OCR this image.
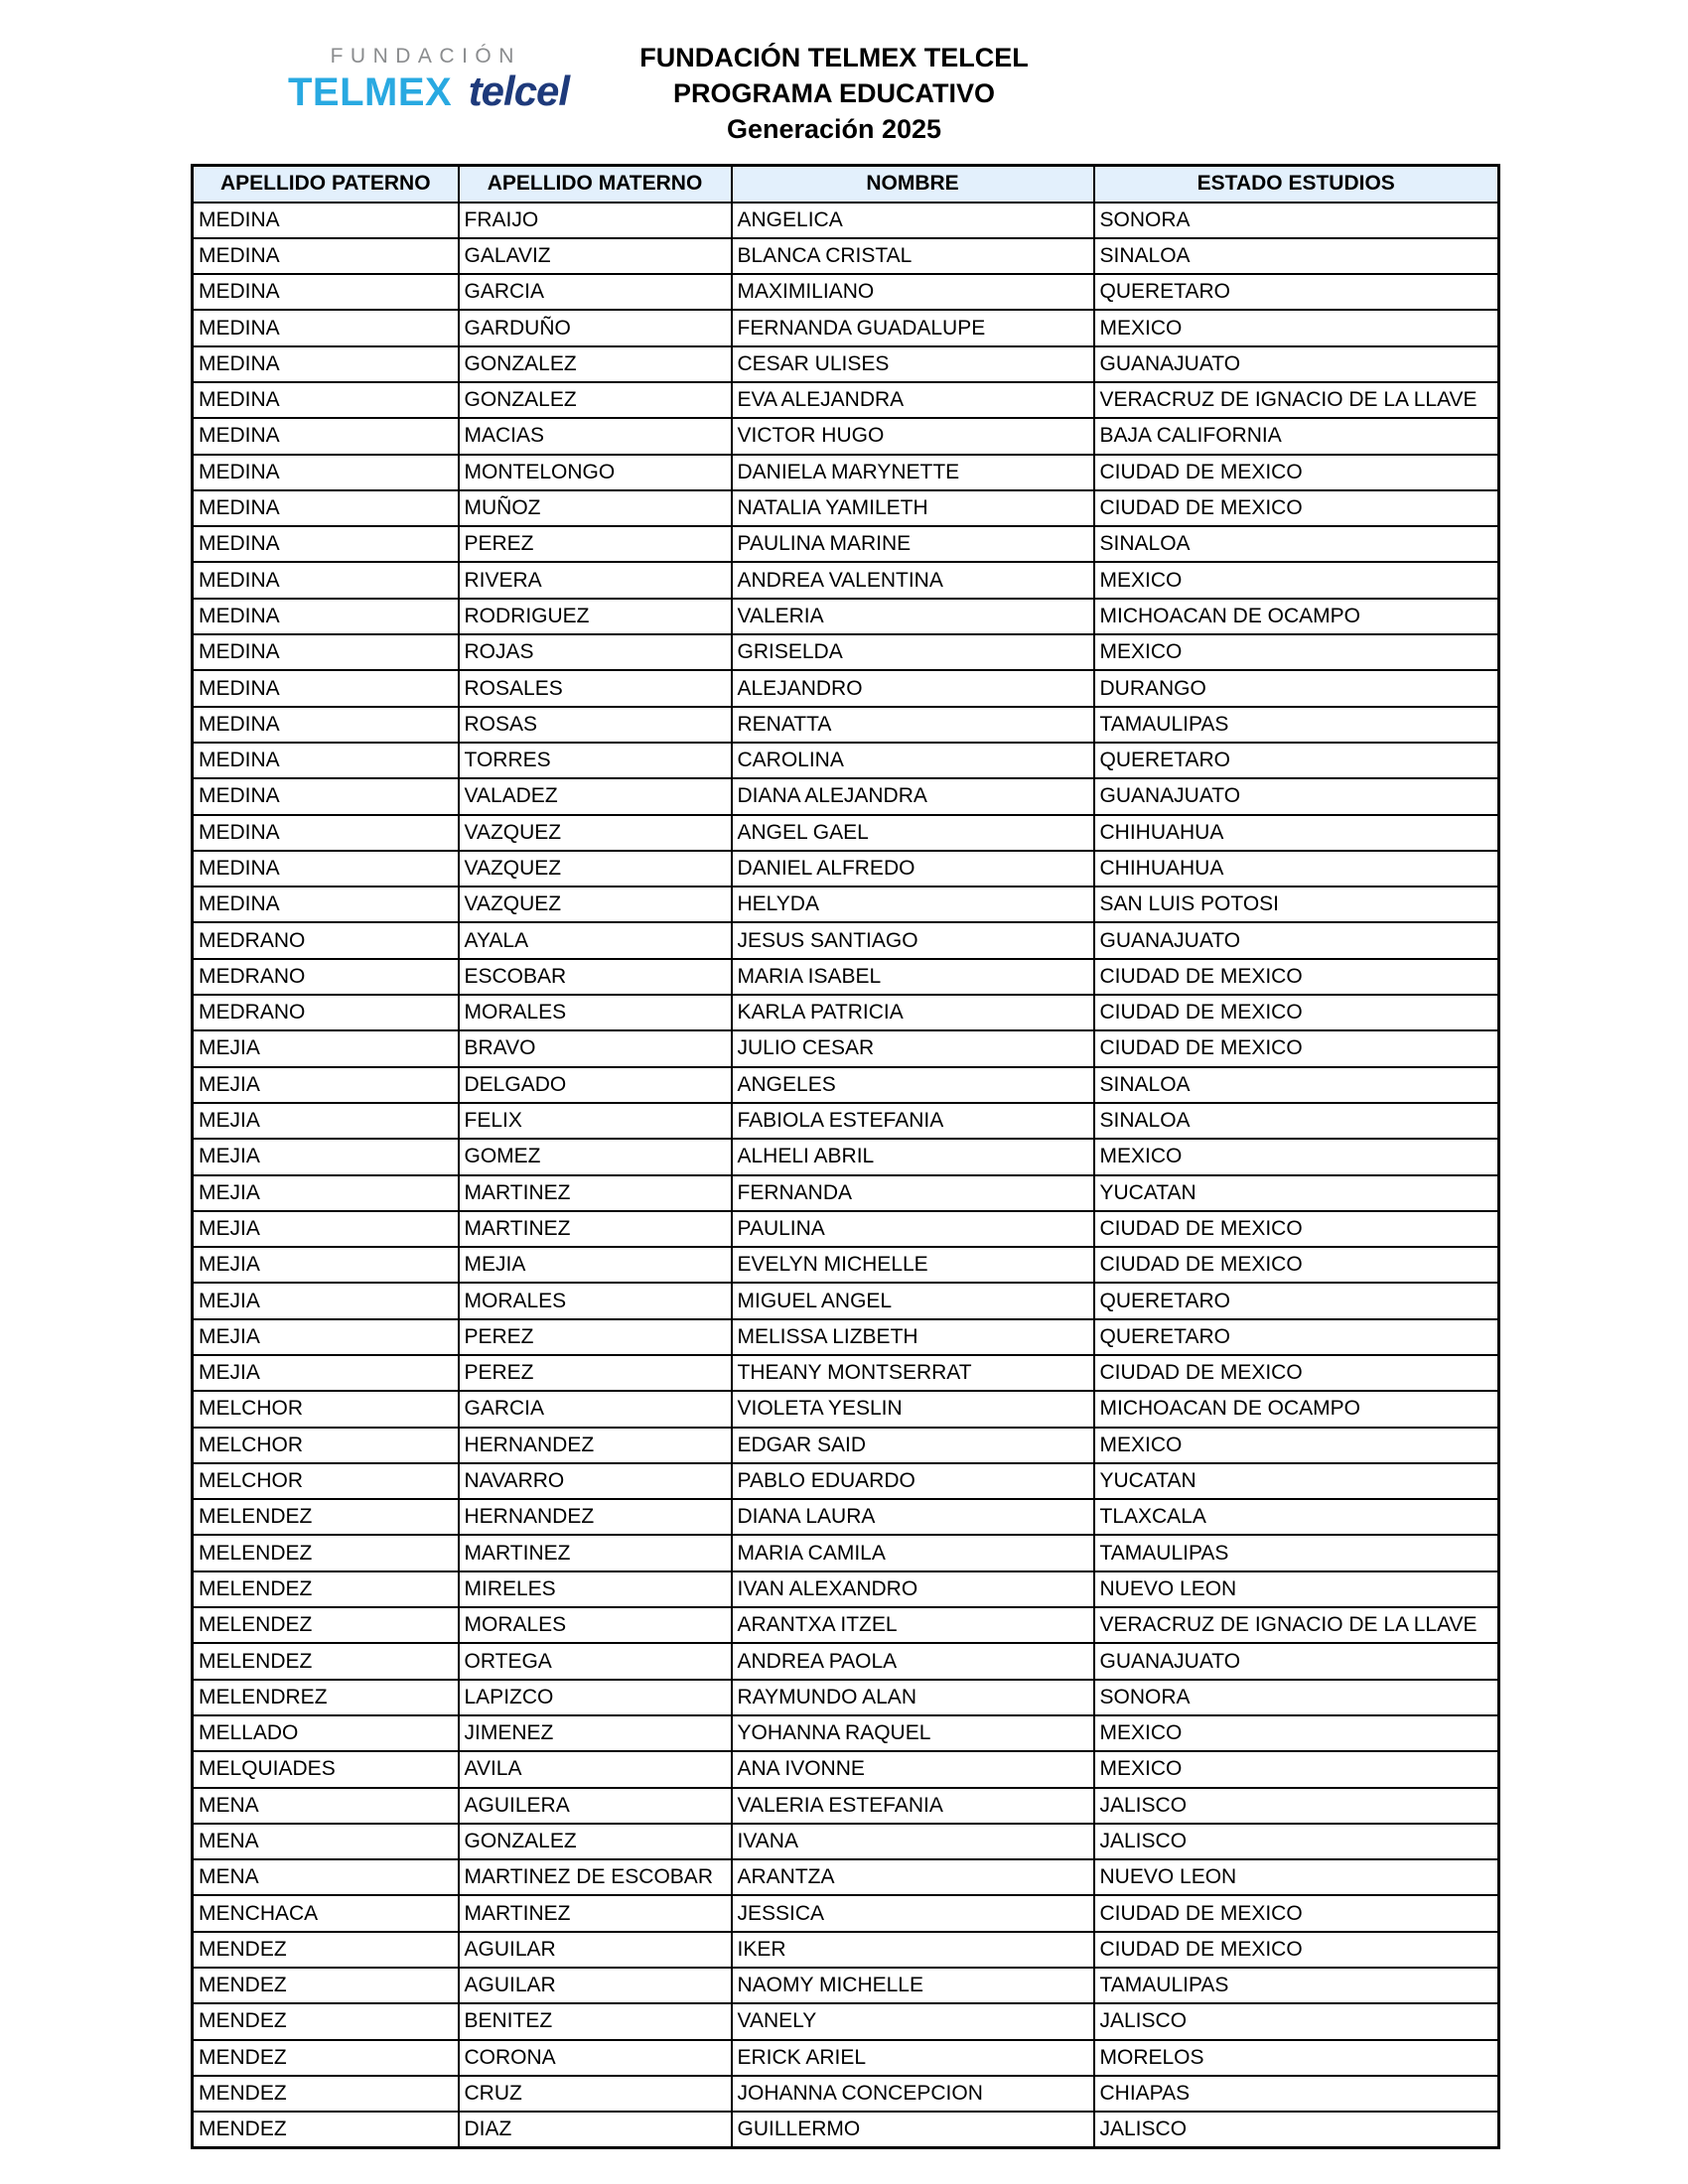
FUNDACIÓN
TELMEX telcel
FUNDACIÓN TELMEX TELCEL
PROGRAMA EDUCATIVO
Generación 2025
APELLIDO PATERNO	APELLIDO MATERNO	NOMBRE	ESTADO ESTUDIOS
MEDINA	FRAIJO	ANGELICA	SONORA
MEDINA	GALAVIZ	BLANCA CRISTAL	SINALOA
MEDINA	GARCIA	MAXIMILIANO	QUERETARO
MEDINA	GARDUÑO	FERNANDA GUADALUPE	MEXICO
MEDINA	GONZALEZ	CESAR ULISES	GUANAJUATO
MEDINA	GONZALEZ	EVA ALEJANDRA	VERACRUZ DE IGNACIO DE LA LLAVE
MEDINA	MACIAS	VICTOR HUGO	BAJA CALIFORNIA
MEDINA	MONTELONGO	DANIELA MARYNETTE	CIUDAD DE MEXICO
MEDINA	MUÑOZ	NATALIA YAMILETH	CIUDAD DE MEXICO
MEDINA	PEREZ	PAULINA MARINE	SINALOA
MEDINA	RIVERA	ANDREA VALENTINA	MEXICO
MEDINA	RODRIGUEZ	VALERIA	MICHOACAN DE OCAMPO
MEDINA	ROJAS	GRISELDA	MEXICO
MEDINA	ROSALES	ALEJANDRO	DURANGO
MEDINA	ROSAS	RENATTA	TAMAULIPAS
MEDINA	TORRES	CAROLINA	QUERETARO
MEDINA	VALADEZ	DIANA ALEJANDRA	GUANAJUATO
MEDINA	VAZQUEZ	ANGEL GAEL	CHIHUAHUA
MEDINA	VAZQUEZ	DANIEL ALFREDO	CHIHUAHUA
MEDINA	VAZQUEZ	HELYDA	SAN LUIS POTOSI
MEDRANO	AYALA	JESUS SANTIAGO	GUANAJUATO
MEDRANO	ESCOBAR	MARIA ISABEL	CIUDAD DE MEXICO
MEDRANO	MORALES	KARLA PATRICIA	CIUDAD DE MEXICO
MEJIA	BRAVO	JULIO CESAR	CIUDAD DE MEXICO
MEJIA	DELGADO	ANGELES	SINALOA
MEJIA	FELIX	FABIOLA ESTEFANIA	SINALOA
MEJIA	GOMEZ	ALHELI ABRIL	MEXICO
MEJIA	MARTINEZ	FERNANDA	YUCATAN
MEJIA	MARTINEZ	PAULINA	CIUDAD DE MEXICO
MEJIA	MEJIA	EVELYN MICHELLE	CIUDAD DE MEXICO
MEJIA	MORALES	MIGUEL ANGEL	QUERETARO
MEJIA	PEREZ	MELISSA LIZBETH	QUERETARO
MEJIA	PEREZ	THEANY MONTSERRAT	CIUDAD DE MEXICO
MELCHOR	GARCIA	VIOLETA YESLIN	MICHOACAN DE OCAMPO
MELCHOR	HERNANDEZ	EDGAR SAID	MEXICO
MELCHOR	NAVARRO	PABLO EDUARDO	YUCATAN
MELENDEZ	HERNANDEZ	DIANA LAURA	TLAXCALA
MELENDEZ	MARTINEZ	MARIA CAMILA	TAMAULIPAS
MELENDEZ	MIRELES	IVAN ALEXANDRO	NUEVO LEON
MELENDEZ	MORALES	ARANTXA ITZEL	VERACRUZ DE IGNACIO DE LA LLAVE
MELENDEZ	ORTEGA	ANDREA PAOLA	GUANAJUATO
MELENDREZ	LAPIZCO	RAYMUNDO ALAN	SONORA
MELLADO	JIMENEZ	YOHANNA RAQUEL	MEXICO
MELQUIADES	AVILA	ANA IVONNE	MEXICO
MENA	AGUILERA	VALERIA ESTEFANIA	JALISCO
MENA	GONZALEZ	IVANA	JALISCO
MENA	MARTINEZ DE ESCOBAR	ARANTZA	NUEVO LEON
MENCHACA	MARTINEZ	JESSICA	CIUDAD DE MEXICO
MENDEZ	AGUILAR	IKER	CIUDAD DE MEXICO
MENDEZ	AGUILAR	NAOMY MICHELLE	TAMAULIPAS
MENDEZ	BENITEZ	VANELY	JALISCO
MENDEZ	CORONA	ERICK ARIEL	MORELOS
MENDEZ	CRUZ	JOHANNA CONCEPCION	CHIAPAS
MENDEZ	DIAZ	GUILLERMO	JALISCO
